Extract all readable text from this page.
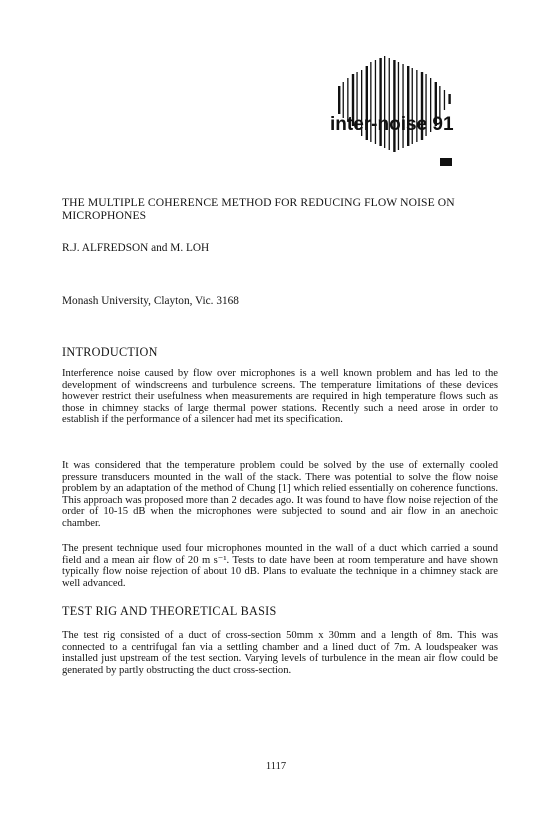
inter-noise 91
THE MULTIPLE COHERENCE METHOD FOR REDUCING FLOW NOISE ON MICROPHONES

R.J. ALFREDSON and M. LOH

Monash University, Clayton, Vic. 3168

INTRODUCTION

Interference noise caused by flow over microphones is a well known problem and has led to the development of windscreens and turbulence screens. The temperature limitations of these devices however restrict their usefulness when measurements are required in high temperature flows such as those in chimney stacks of large thermal power stations. Recently such a need arose in order to establish if the performance of a silencer had met its specification.

It was considered that the temperature problem could be solved by the use of externally cooled pressure transducers mounted in the wall of the stack. There was potential to solve the flow noise problem by an adaptation of the method of Chung [1] which relied essentially on coherence functions. This approach was proposed more than 2 decades ago. It was found to have flow noise rejection of the order of 10-15 dB when the microphones were subjected to sound and air flow in an anechoic chamber.

The present technique used four microphones mounted in the wall of a duct which carried a sound field and a mean air flow of 20 m s⁻¹. Tests to date have been at room temperature and have shown typically flow noise rejection of about 10 dB. Plans to evaluate the technique in a chimney stack are well advanced.

TEST RIG AND THEORETICAL BASIS

The test rig consisted of a duct of cross-section 50mm x 30mm and a length of 8m. This was connected to a centrifugal fan via a settling chamber and a lined duct of 7m. A loudspeaker was installed just upstream of the test section. Varying levels of turbulence in the mean air flow could be generated by partly obstructing the duct cross-section.

1117
